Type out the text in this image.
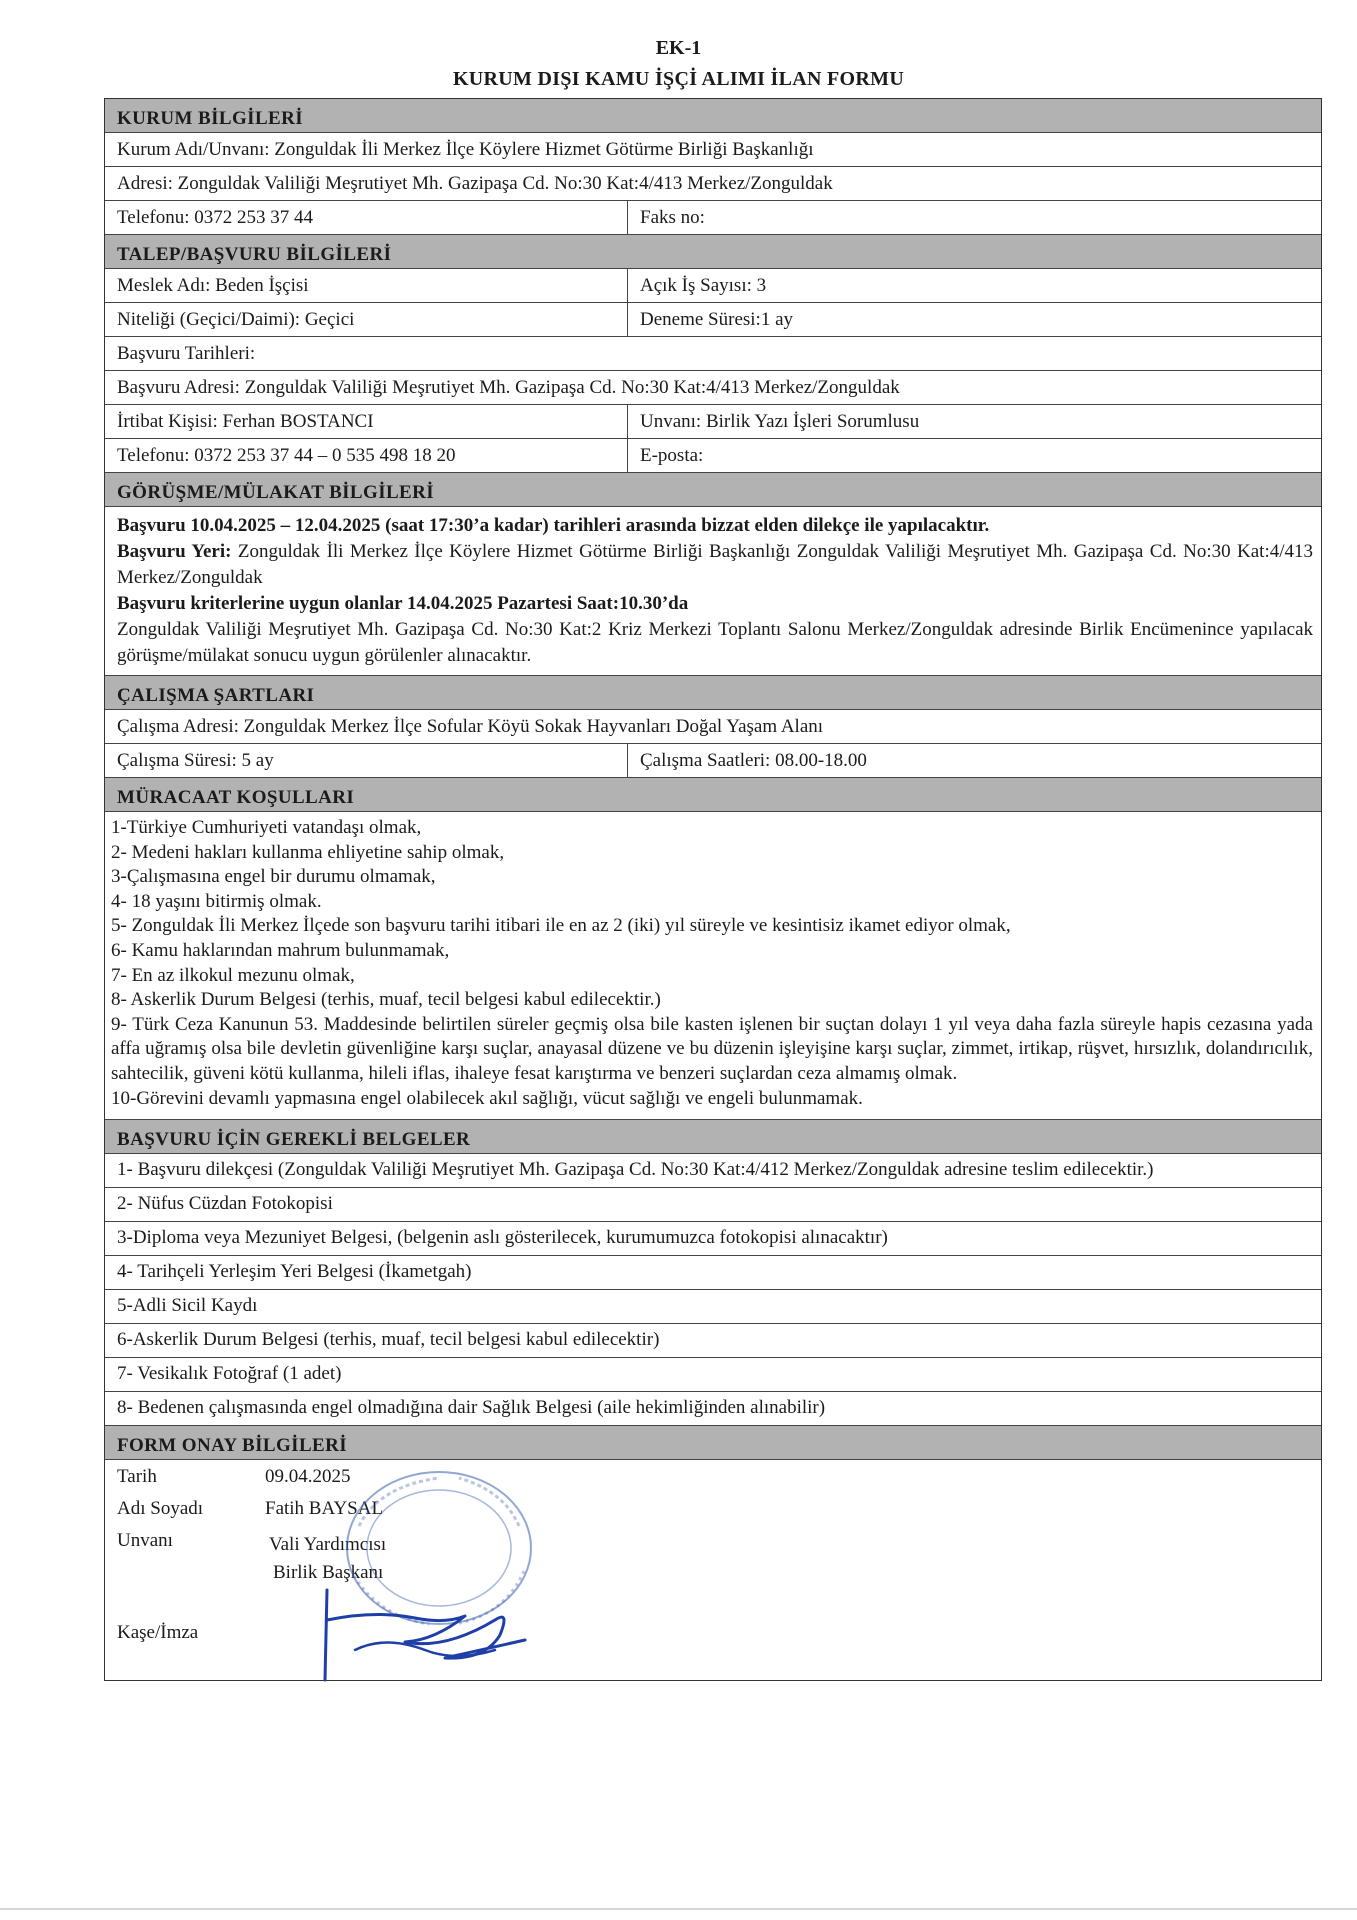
EK-1
KURUM DIŞI KAMU İŞÇİ ALIMI İLAN FORMU
KURUM BİLGİLERİ
Kurum Adı/Unvanı: Zonguldak İli Merkez İlçe Köylere Hizmet Götürme Birliği Başkanlığı
Adresi: Zonguldak Valiliği Meşrutiyet Mh. Gazipaşa Cd. No:30 Kat:4/413 Merkez/Zonguldak
Telefonu: 0372 253 37 44	Faks no:
TALEP/BAŞVURU BİLGİLERİ
Meslek Adı: Beden İşçisi	Açık İş Sayısı: 3
Niteliği (Geçici/Daimi): Geçici	Deneme Süresi:1 ay
Başvuru Tarihleri:
Başvuru Adresi: Zonguldak Valiliği Meşrutiyet Mh. Gazipaşa Cd. No:30 Kat:4/413 Merkez/Zonguldak
İrtibat Kişisi: Ferhan BOSTANCI	Unvanı: Birlik Yazı İşleri Sorumlusu
Telefonu: 0372 253 37 44 – 0 535 498 18 20	E-posta:
GÖRÜŞME/MÜLAKAT BİLGİLERİ

Başvuru 10.04.2025 – 12.04.2025 (saat 17:30’a kadar) tarihleri arasında bizzat elden dilekçe ile yapılacaktır.

Başvuru Yeri: Zonguldak İli Merkez İlçe Köylere Hizmet Götürme Birliği Başkanlığı Zonguldak Valiliği Meşrutiyet Mh. Gazipaşa Cd. No:30 Kat:4/413 Merkez/Zonguldak

Başvuru kriterlerine uygun olanlar 14.04.2025 Pazartesi Saat:10.30’da

Zonguldak Valiliği Meşrutiyet Mh. Gazipaşa Cd. No:30 Kat:2 Kriz Merkezi Toplantı Salonu Merkez/Zonguldak adresinde Birlik Encümenince yapılacak görüşme/mülakat sonucu uygun görülenler alınacaktır.

ÇALIŞMA ŞARTLARI
Çalışma Adresi: Zonguldak Merkez İlçe Sofular Köyü Sokak Hayvanları Doğal Yaşam Alanı
Çalışma Süresi: 5 ay	Çalışma Saatleri: 08.00-18.00
MÜRACAAT KOŞULLARI
1-Türkiye Cumhuriyeti vatandaşı olmak,
2- Medeni hakları kullanma ehliyetine sahip olmak,
3-Çalışmasına engel bir durumu olmamak,
4- 18 yaşını bitirmiş olmak.
5- Zonguldak İli Merkez İlçede son başvuru tarihi itibari ile en az 2 (iki) yıl süreyle ve kesintisiz ikamet ediyor olmak,
6- Kamu haklarından mahrum bulunmamak,
7- En az ilkokul mezunu olmak,
8- Askerlik Durum Belgesi (terhis, muaf, tecil belgesi kabul edilecektir.)
9- Türk Ceza Kanunun 53. Maddesinde belirtilen süreler geçmiş olsa bile kasten işlenen bir suçtan dolayı 1 yıl veya daha fazla süreyle hapis cezasına yada affa uğramış olsa bile devletin güvenliğine karşı suçlar, anayasal düzene ve bu düzenin işleyişine karşı suçlar, zimmet, irtikap, rüşvet, hırsızlık, dolandırıcılık, sahtecilik, güveni kötü kullanma, hileli iflas, ihaleye fesat karıştırma ve benzeri suçlardan ceza almamış olmak.
10-Görevini devamlı yapmasına engel olabilecek akıl sağlığı, vücut sağlığı ve engeli bulunmamak.
BAŞVURU İÇİN GEREKLİ BELGELER
1- Başvuru dilekçesi (Zonguldak Valiliği Meşrutiyet Mh. Gazipaşa Cd. No:30 Kat:4/412 Merkez/Zonguldak adresine teslim edilecektir.)
2- Nüfus Cüzdan Fotokopisi
3-Diploma veya Mezuniyet Belgesi, (belgenin aslı gösterilecek, kurumumuzca fotokopisi alınacaktır)
4- Tarihçeli Yerleşim Yeri Belgesi (İkametgah)
5-Adli Sicil Kaydı
6-Askerlik Durum Belgesi (terhis, muaf, tecil belgesi kabul edilecektir)
7- Vesikalık Fotoğraf (1 adet)
8- Bedenen çalışmasında engel olmadığına dair Sağlık Belgesi (aile hekimliğinden alınabilir)
FORM ONAY BİLGİLERİ
Tarih	09.04.2025
Adı Soyadı	Fatih BAYSAL
Unvanı	Vali Yardımcısı
Birlik Başkanı
Kaşe/İmza
